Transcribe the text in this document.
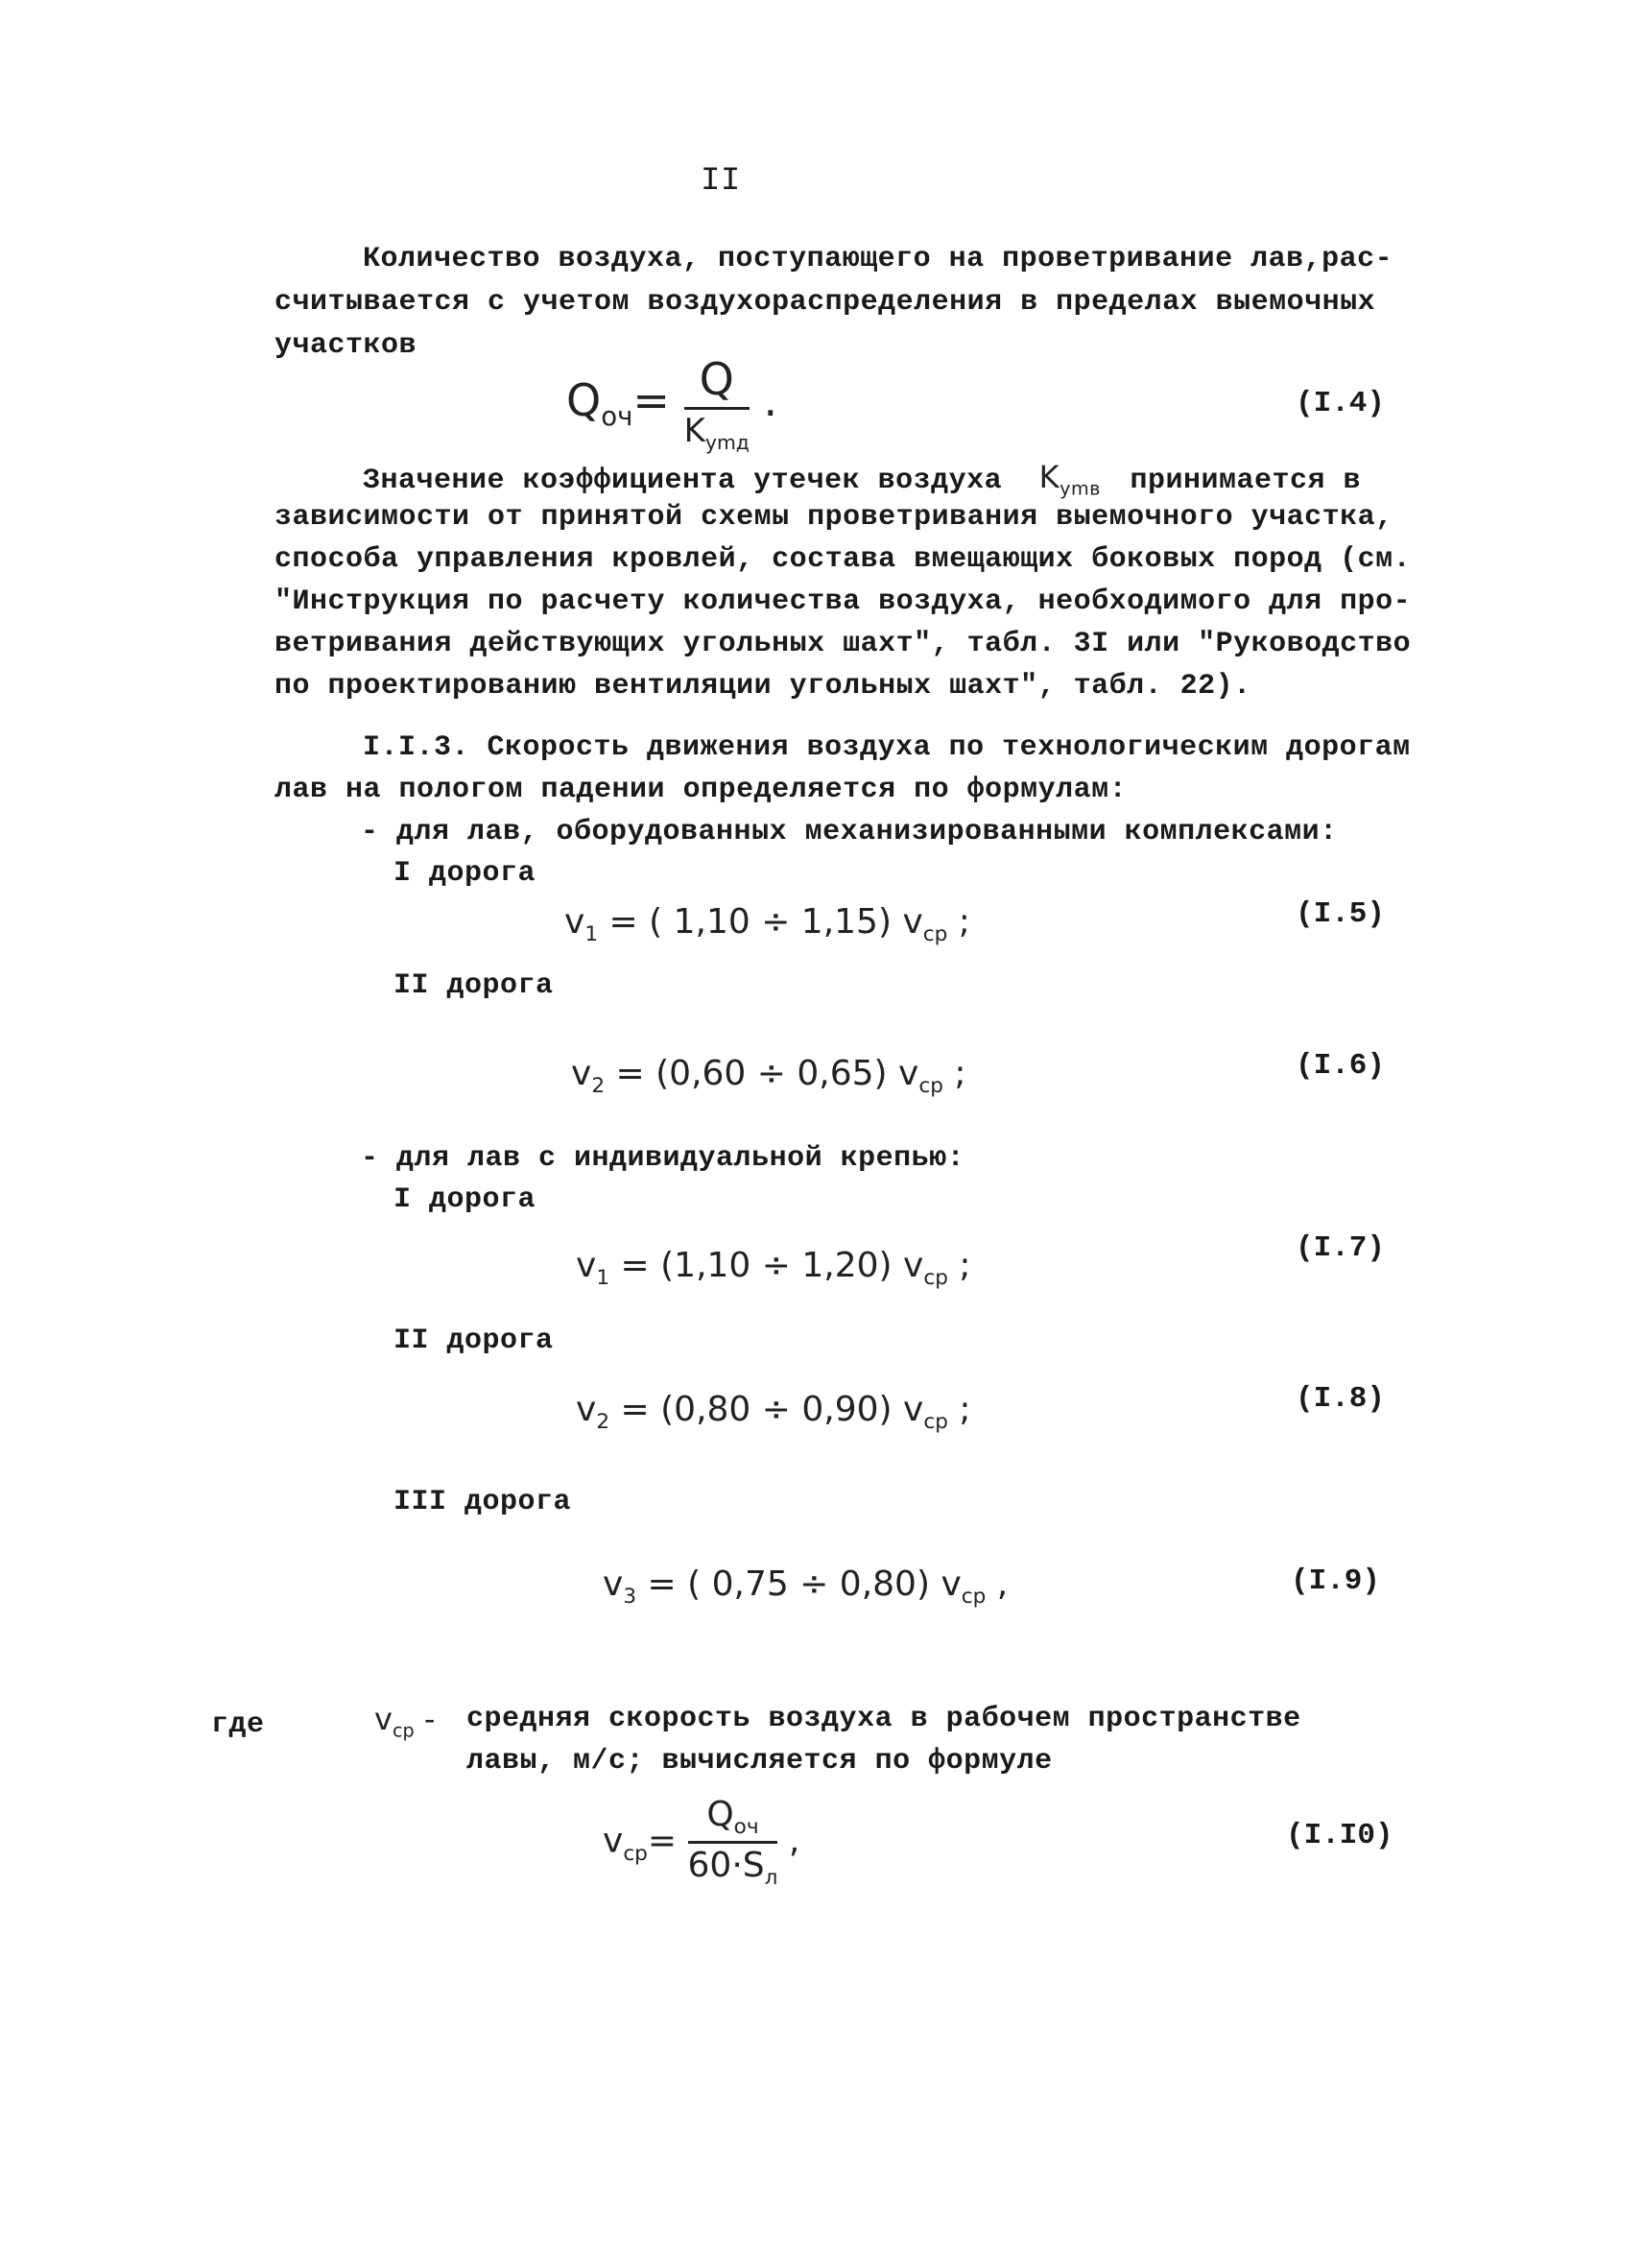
II
Количество воздуха, поступающего на проветривание лав,рас-
считывается с учетом воздухораспределения в пределах выемочных
участков
$Q_{оч}= \frac{Q}{K_{ymд}}$ .	(I.4)
Значение коэффициента утечек воздуха $K_{ymв}$ принимается в
зависимости от принятой схемы проветривания выемочного участка,
способа управления кровлей, состава вмещающих боковых пород (см.
"Инструкция по расчету количества воздуха, необходимого для про-
ветривания действующих угольных шахт", табл. 3I или "Руководство
по проектированию вентиляции угольных шахт", табл. 22).
I.I.3. Скорость движения воздуха по технологическим дорогам
лав на пологом падении определяется по формулам:
- для лав, оборудованных механизированными комплексами:
I дорога
$v_1$ = ( 1,10 ÷ 1,15) $v_{ср}$ ;	(I.5)
II дорога
$v_2 = (0,60 \div 0,65)$ $v_{ср}$ ;	(I.6)
- для лав с индивидуальной крепью:
I дорога
$v_1 = (1,10 \div 1,20)$ $v_{ср}$ ;	(I.7)
II дорога
$v_2 = (0,80 \div 0,90)$ $v_{ср}$ ;	(I.8)
III дорога
$v_3$ = ( 0,75 ÷ 0,80) $v_{ср}$ ,	(I.9)
где	$v_{ср}$ - средняя скорость воздуха в рабочем пространстве
лавы, м/с; вычисляется по формуле
$v_{ср}= \frac{Q_{оч}}{60\cdot S_л}$ ,	(I.I0)
